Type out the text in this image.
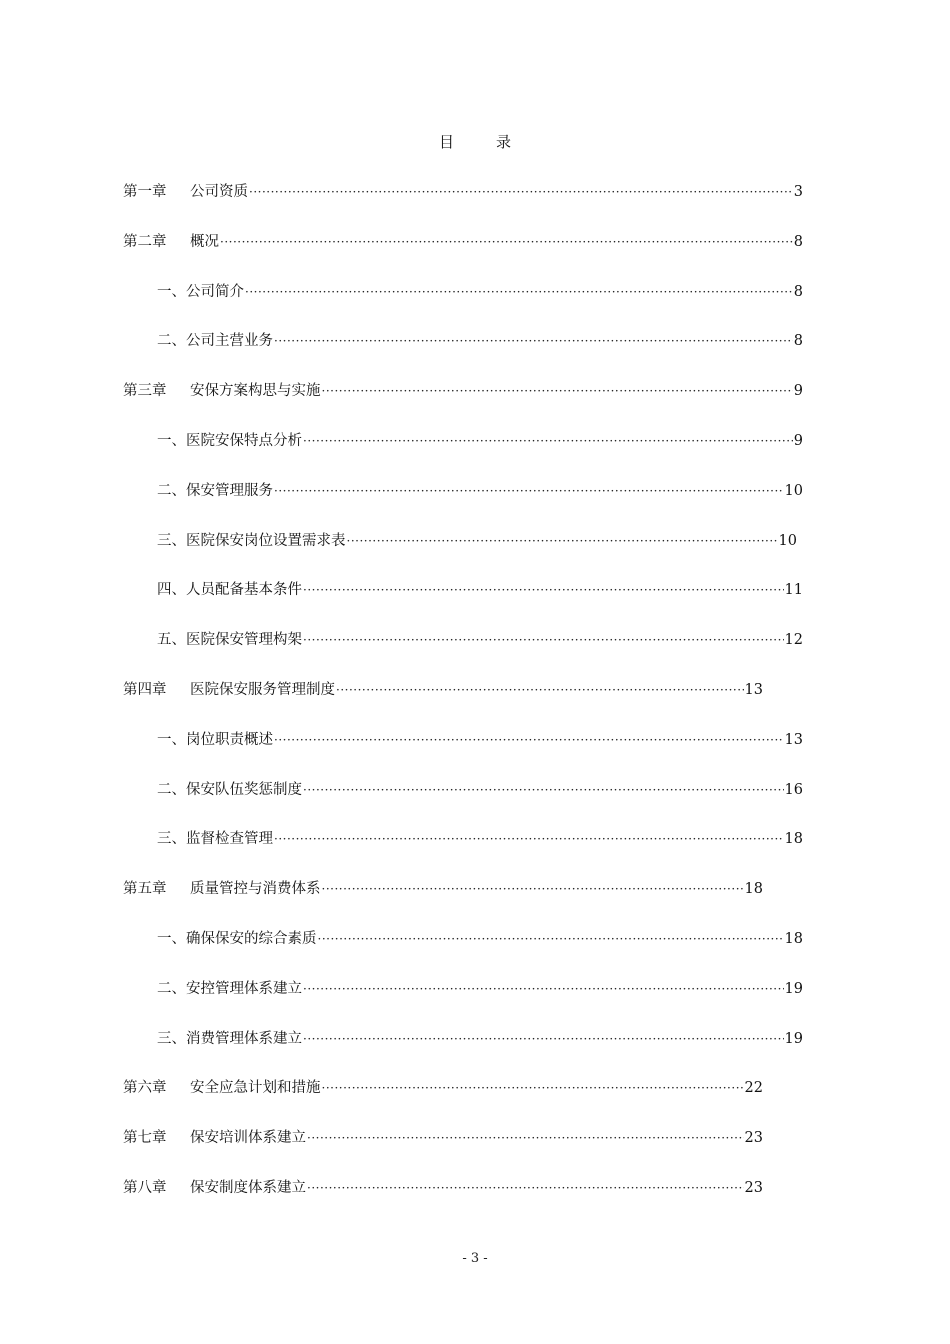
目	录
第一章	公司资质 ·····	3
第二章	概况 ·····	8
一、 公司简介 ·····	8
二、 公司主营业务 ·····	8
第三章	安保方案构思与实施 ·····	9
一、 医院安保特点分析 ·····	9
二、 保安管理服务 ·····	10
三、 医院保安岗位设置需求表 ·····	10
四、 人员配备基本条件 ·····	11
五、 医院保安管理构架 ·····	12
第四章	医院保安服务管理制度 ·····	13
一、 岗位职责概述 ·····	13
二、 保安队伍奖惩制度 ·····	16
三、 监督检查管理 ·····	18
第五章	质量管控与消费体系 ·····	18
一、 确保保安的综合素质 ·····	18
二、 安控管理体系建立 ·····	19
三、 消费管理体系建立 ·····	19
第六章	安全应急计划和措施 ·····	22
第七章	保安培训体系建立 ·····	23
第八章	保安制度体系建立 ·····	23
- 3 -
